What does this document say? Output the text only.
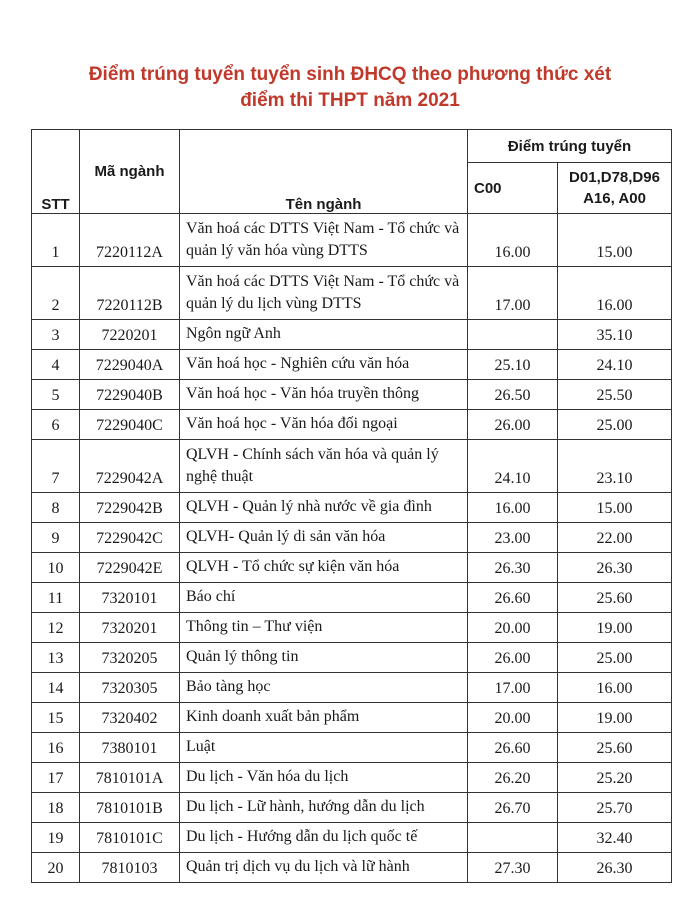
Điểm trúng tuyển tuyển sinh ĐHCQ theo phương thức xét
điểm thi THPT năm 2021
STT	Mã ngành	Tên ngành	Điểm trúng tuyển	
			C00	D01,D78,D96 A16, A00
1	7220112A	Văn hoá các DTTS Việt Nam - Tổ chức và quản lý văn hóa vùng DTTS	16.00	15.00
2	7220112B	Văn hoá các DTTS Việt Nam - Tổ chức và quản lý du lịch vùng DTTS	17.00	16.00
3	7220201	Ngôn ngữ Anh		35.10
4	7229040A	Văn hoá học - Nghiên cứu văn hóa	25.10	24.10
5	7229040B	Văn hoá học - Văn hóa truyền thông	26.50	25.50
6	7229040C	Văn hoá học - Văn hóa đối ngoại	26.00	25.00
7	7229042A	QLVH - Chính sách văn hóa và quản lý nghệ thuật	24.10	23.10
8	7229042B	QLVH - Quản lý nhà nước về gia đình	16.00	15.00
9	7229042C	QLVH- Quản lý di sản văn hóa	23.00	22.00
10	7229042E	QLVH - Tổ chức sự kiện văn hóa	26.30	26.30
11	7320101	Báo chí	26.60	25.60
12	7320201	Thông tin – Thư viện	20.00	19.00
13	7320205	Quản lý thông tin	26.00	25.00
14	7320305	Bảo tàng học	17.00	16.00
15	7320402	Kinh doanh xuất bản phẩm	20.00	19.00
16	7380101	Luật	26.60	25.60
17	7810101A	Du lịch - Văn hóa du lịch	26.20	25.20
18	7810101B	Du lịch - Lữ hành, hướng dẫn du lịch	26.70	25.70
19	7810101C	Du lịch - Hướng dẫn du lịch quốc tế		32.40
20	7810103	Quản trị dịch vụ du lịch và lữ hành	27.30	26.30
